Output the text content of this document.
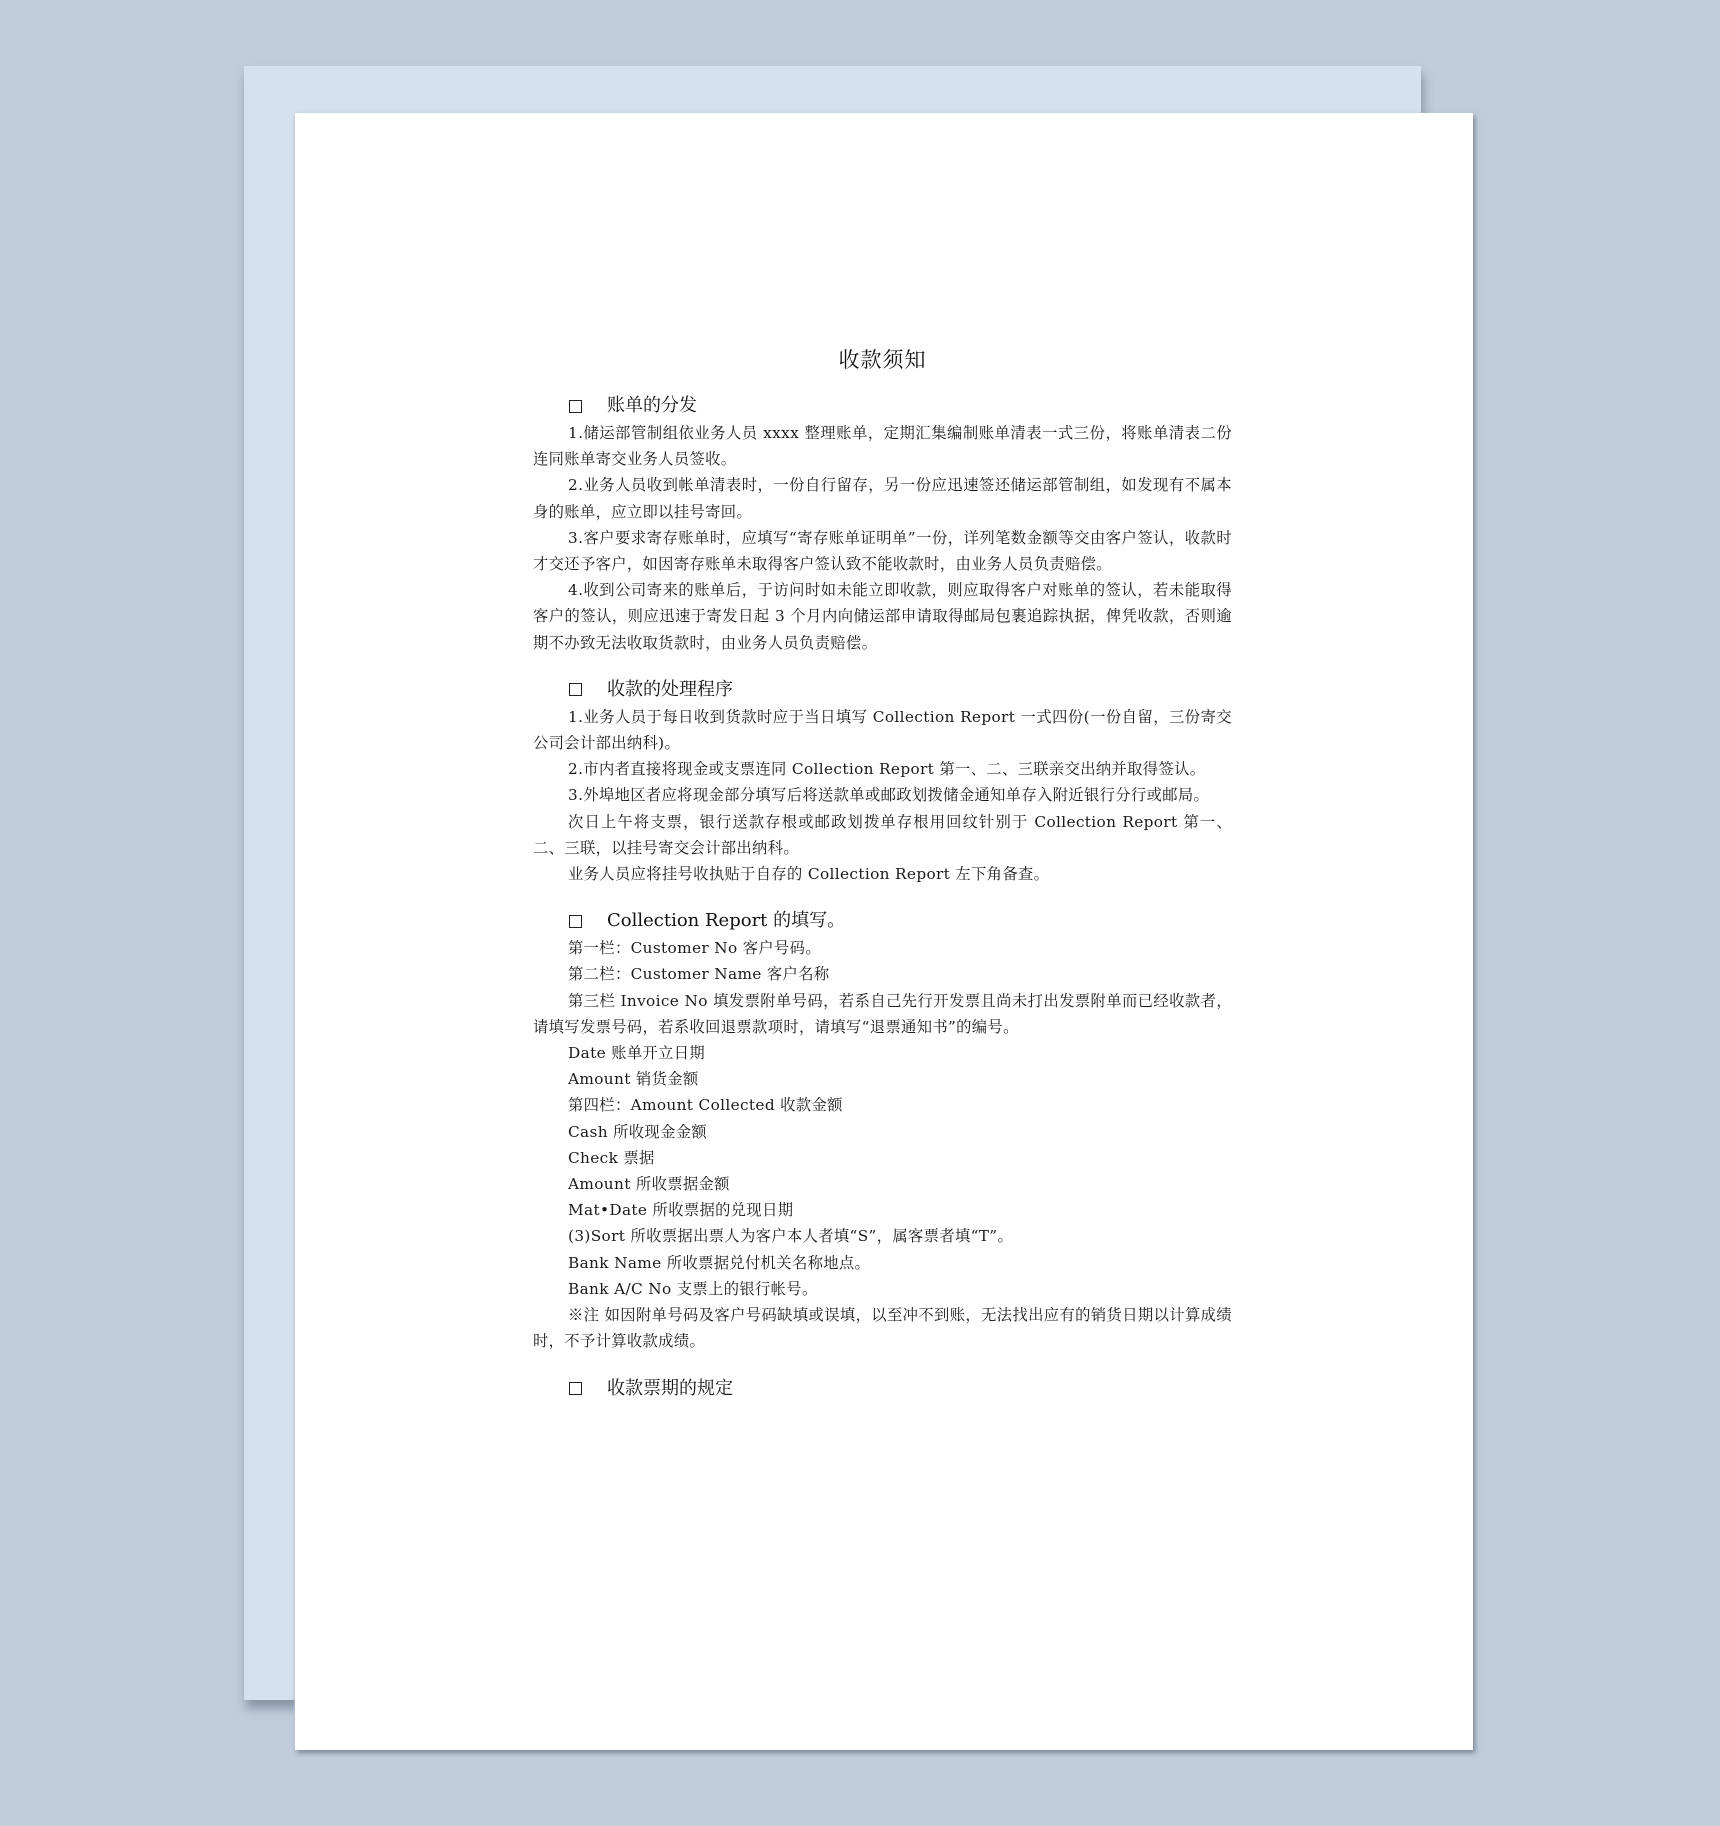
收款须知
账单的分发

1.储运部管制组依业务人员 xxxx 整理账单，定期汇集编制账单清表一式三份，将账单清表二份连同账单寄交业务人员签收。

2.业务人员收到帐单清表时，一份自行留存，另一份应迅速签还储运部管制组，如发现有不属本身的账单，应立即以挂号寄回。

3.客户要求寄存账单时，应填写“寄存账单证明单”一份，详列笔数金额等交由客户签认，收款时才交还予客户，如因寄存账单未取得客户签认致不能收款时，由业务人员负责赔偿。

4.收到公司寄来的账单后，于访问时如未能立即收款，则应取得客户对账单的签认，若未能取得客户的签认，则应迅速于寄发日起 3 个月内向储运部申请取得邮局包裹追踪执据，俾凭收款，否则逾期不办致无法收取货款时，由业务人员负责赔偿。

收款的处理程序

1.业务人员于每日收到货款时应于当日填写 Collection Report 一式四份(一份自留，三份寄交公司会计部出纳科)。

2.市内者直接将现金或支票连同 Collection Report 第一、二、三联亲交出纳并取得签认。

3.外埠地区者应将现金部分填写后将送款单或邮政划拨储金通知单存入附近银行分行或邮局。

次日上午将支票，银行送款存根或邮政划拨单存根用回纹针别于 Collection Report 第一、二、三联，以挂号寄交会计部出纳科。

业务人员应将挂号收执贴于自存的 Collection Report 左下角备查。

Collection Report 的填写。

第一栏：Customer No 客户号码。

第二栏：Customer Name 客户名称

第三栏 Invoice No 填发票附单号码，若系自己先行开发票且尚未打出发票附单而已经收款者，请填写发票号码，若系收回退票款项时，请填写“退票通知书”的编号。

Date 账单开立日期

Amount 销货金额

第四栏：Amount Collected 收款金额

Cash 所收现金金额

Check 票据

Amount 所收票据金额

Mat•Date 所收票据的兑现日期

(3)Sort 所收票据出票人为客户本人者填“S”，属客票者填“T”。

Bank Name 所收票据兑付机关名称地点。

Bank A/C No 支票上的银行帐号。

※注 如因附单号码及客户号码缺填或误填，以至冲不到账，无法找出应有的销货日期以计算成绩时，不予计算收款成绩。

收款票期的规定
